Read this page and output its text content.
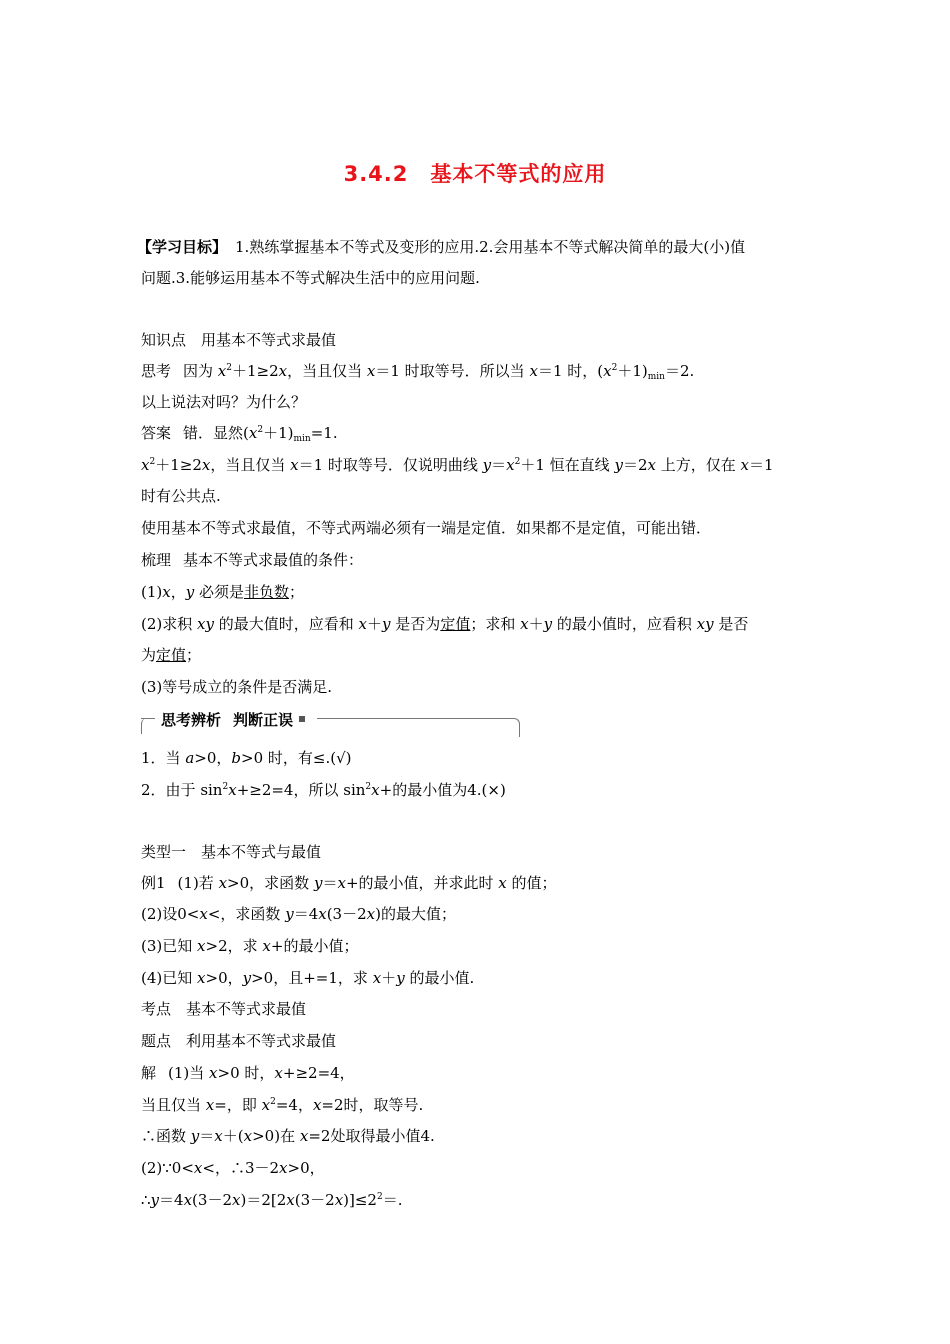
3.4.2　基本不等式的应用
【学习目标】 1.熟练掌握基本不等式及变形的应用.2.会用基本不等式解决简单的最大(小)值
问题.3.能够运用基本不等式解决生活中的应用问题.
知识点　用基本不等式求最值
思考 因为 $x^2+1\ge 2x$，当且仅当 x＝1 时取等号．所以当 x＝1 时，$(x^2+1)_{min}=2$.
以上说法对吗？为什么？
答案 错．显然$(x^2+1)_{min}=1$.
$x^2+1\ge 2x$，当且仅当 x＝1 时取等号．仅说明曲线 $y=x^2+1$ 恒在直线 y＝2x 上方，仅在 x＝1
时有公共点.
使用基本不等式求最值，不等式两端必须有一端是定值．如果都不是定值，可能出错．
梳理 基本不等式求最值的条件：
(1)x，y 必须是非负数；
(2)求积 xy 的最大值时，应看和 x＋y 是否为定值；求和 x＋y 的最小值时，应看积 xy 是否
为定值；
(3)等号成立的条件是否满足.
思考辨析 判断正误
1．当 a>0，b>0 时，有≤.(√)
2．由于 $\sin^2x+\ge 2=4$，所以 $\sin^2x+$的最小值为4.(×)
类型一　基本不等式与最值
例1 (1)若 x>0，求函数 y＝x+的最小值，并求此时 x 的值；
(2)设0<x<，求函数 y＝4x(3－2x)的最大值；
(3)已知 x>2，求 x+的最小值；
(4)已知 x>0，y>0，且+=1，求 x＋y 的最小值.
考点　基本不等式求最值
题点　利用基本不等式求最值
解 (1)当 x>0 时，x+≥2=4，
当且仅当 x=，即 $x^2=4$，x=2时，取等号.
∴函数 y＝x＋(x>0)在 x=2处取得最小值4.
(2)∵0<x<，∴3－2x>0，
$\therefore y=4x(3-2x)=2[2x(3-2x)]\le 2^2=$.
